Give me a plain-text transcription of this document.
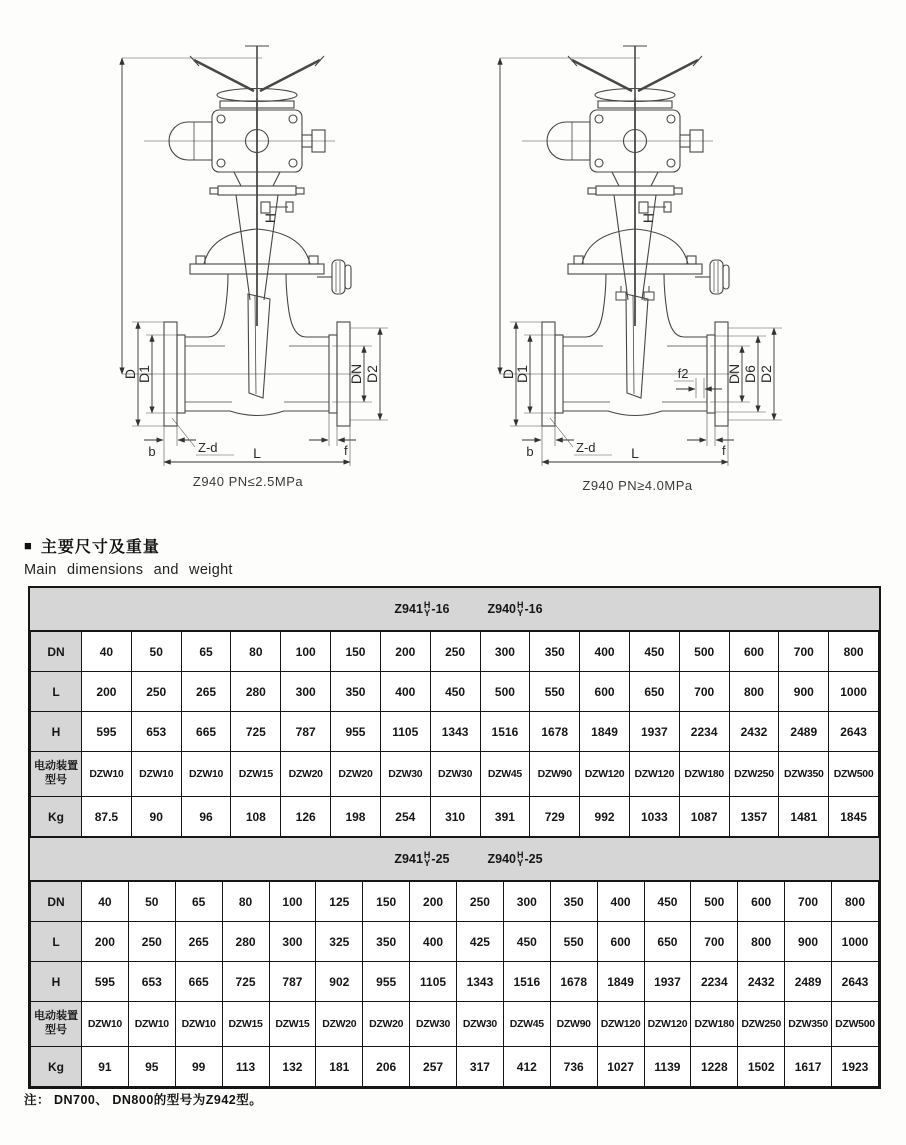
H
D
D1	DN D2
b	Z-d	f
L
Z940 PN≤2.5MPa
H
D
D1	DN D6 D2
f2
b	Z-d	f
L
Z940 PN≥4.0MPa
■ 主要尺寸及重量
Main dimensions and weight
Z941 H
Y -16	Z940 H
Y -16
DN	40	50	65	80	100	150	200	250	300	350	400	450	500	600	700	800
L	200	250	265	280	300	350	400	450	500	550	600	650	700	800	900	1000
H	595	653	665	725	787	955	1105	1343	1516	1678	1849	1937	2234	2432	2489	2643
电动装置型号	DZW10	DZW10	DZW10	DZW15	DZW20	DZW20	DZW30	DZW30	DZW45	DZW90	DZW120	DZW120	DZW180	DZW250	DZW350	DZW500
Kg	87.5	90	96	108	126	198	254	310	391	729	992	1033	1087	1357	1481	1845
Z941 H
Y -25	Z940 H
Y -25
DN	40	50	65	80	100	125	150	200	250	300	350	400	450	500	600	700	800
L	200	250	265	280	300	325	350	400	425	450	550	600	650	700	800	900	1000
H	595	653	665	725	787	902	955	1105	1343	1516	1678	1849	1937	2234	2432	2489	2643
电动装置型号	DZW10	DZW10	DZW10	DZW15	DZW15	DZW20	DZW20	DZW30	DZW30	DZW45	DZW90	DZW120	DZW120	DZW180	DZW250	DZW350	DZW500
Kg	91	95	99	113	132	181	206	257	317	412	736	1027	1139	1228	1502	1617	1923
注： DN700、 DN800的型号为Z942型。
